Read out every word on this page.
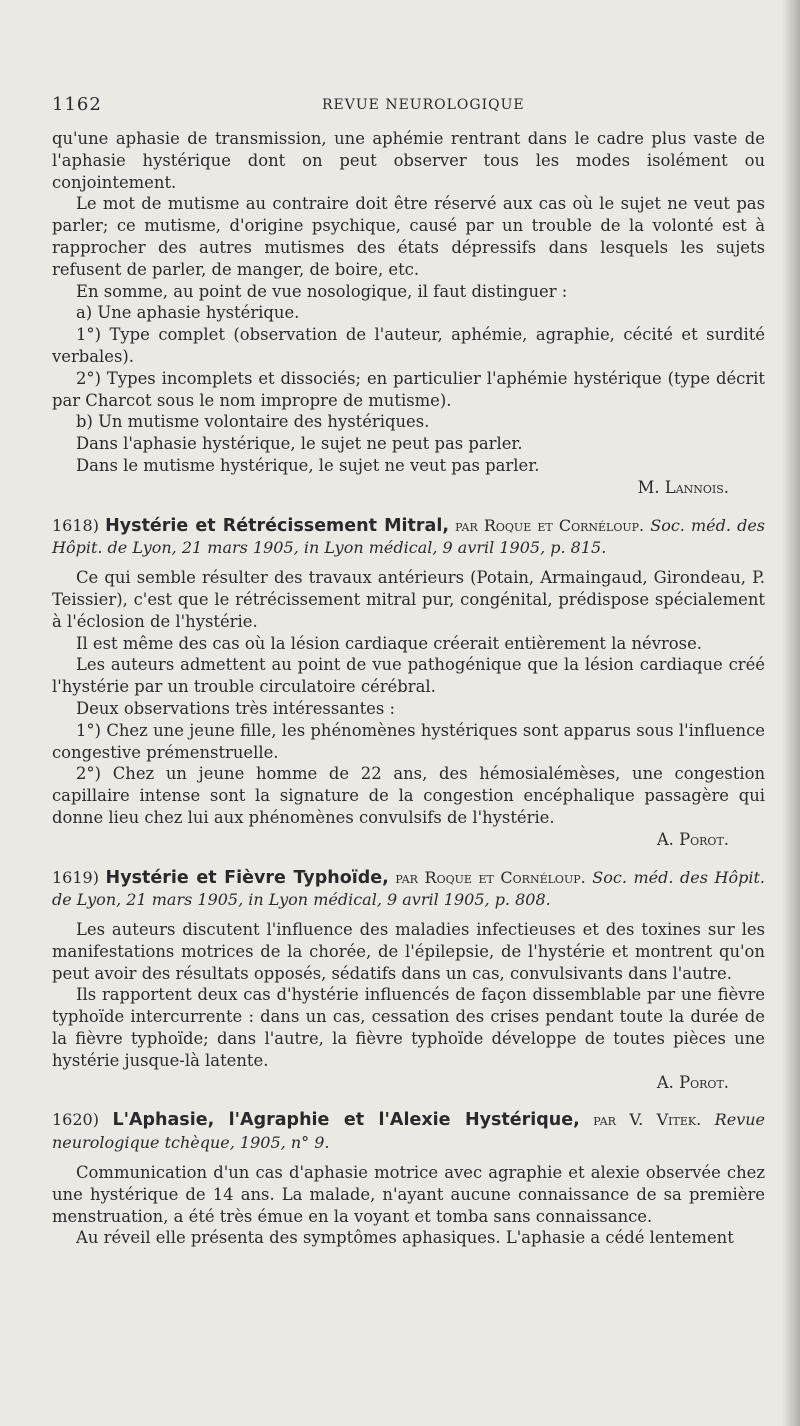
1162	REVUE NEUROLOGIQUE

qu'une aphasie de transmission, une aphémie rentrant dans le cadre plus vaste de l'aphasie hystérique dont on peut observer tous les modes isolément ou conjointement.

Le mot de mutisme au contraire doit être réservé aux cas où le sujet ne veut pas parler; ce mutisme, d'origine psychique, causé par un trouble de la volonté est à rapprocher des autres mutismes des états dépressifs dans lesquels les sujets refusent de parler, de manger, de boire, etc.

En somme, au point de vue nosologique, il faut distinguer :

a) Une aphasie hystérique.

1°) Type complet (observation de l'auteur, aphémie, agraphie, cécité et surdité verbales).

2°) Types incomplets et dissociés; en particulier l'aphémie hystérique (type décrit par Charcot sous le nom impropre de mutisme).

b) Un mutisme volontaire des hystériques.

Dans l'aphasie hystérique, le sujet ne peut pas parler.

Dans le mutisme hystérique, le sujet ne veut pas parler.

M. Lannois.

1618) Hystérie et Rétrécissement Mitral, par Roque et Cornéloup. Soc. méd. des Hôpit. de Lyon, 21 mars 1905, in Lyon médical, 9 avril 1905, p. 815.

Ce qui semble résulter des travaux antérieurs (Potain, Armaingaud, Girondeau, P. Teissier), c'est que le rétrécissement mitral pur, congénital, prédispose spécialement à l'éclosion de l'hystérie.

Il est même des cas où la lésion cardiaque créerait entièrement la névrose.

Les auteurs admettent au point de vue pathogénique que la lésion cardiaque créé l'hystérie par un trouble circulatoire cérébral.

Deux observations très intéressantes :

1°) Chez une jeune fille, les phénomènes hystériques sont apparus sous l'influence congestive prémenstruelle.

2°) Chez un jeune homme de 22 ans, des hémosialémèses, une congestion capillaire intense sont la signature de la congestion encéphalique passagère qui donne lieu chez lui aux phénomènes convulsifs de l'hystérie.

A. Porot.

1619) Hystérie et Fièvre Typhoïde, par Roque et Cornéloup. Soc. méd. des Hôpit. de Lyon, 21 mars 1905, in Lyon médical, 9 avril 1905, p. 808.

Les auteurs discutent l'influence des maladies infectieuses et des toxines sur les manifestations motrices de la chorée, de l'épilepsie, de l'hystérie et montrent qu'on peut avoir des résultats opposés, sédatifs dans un cas, convulsivants dans l'autre.

Ils rapportent deux cas d'hystérie influencés de façon dissemblable par une fièvre typhoïde intercurrente : dans un cas, cessation des crises pendant toute la durée de la fièvre typhoïde; dans l'autre, la fièvre typhoïde développe de toutes pièces une hystérie jusque-là latente.

A. Porot.

1620) L'Aphasie, l'Agraphie et l'Alexie Hystérique, par V. Vitek. Revue neurologique tchèque, 1905, n° 9.

Communication d'un cas d'aphasie motrice avec agraphie et alexie observée chez une hystérique de 14 ans. La malade, n'ayant aucune connaissance de sa première menstruation, a été très émue en la voyant et tomba sans connaissance.

Au réveil elle présenta des symptômes aphasiques. L'aphasie a cédé lentement
